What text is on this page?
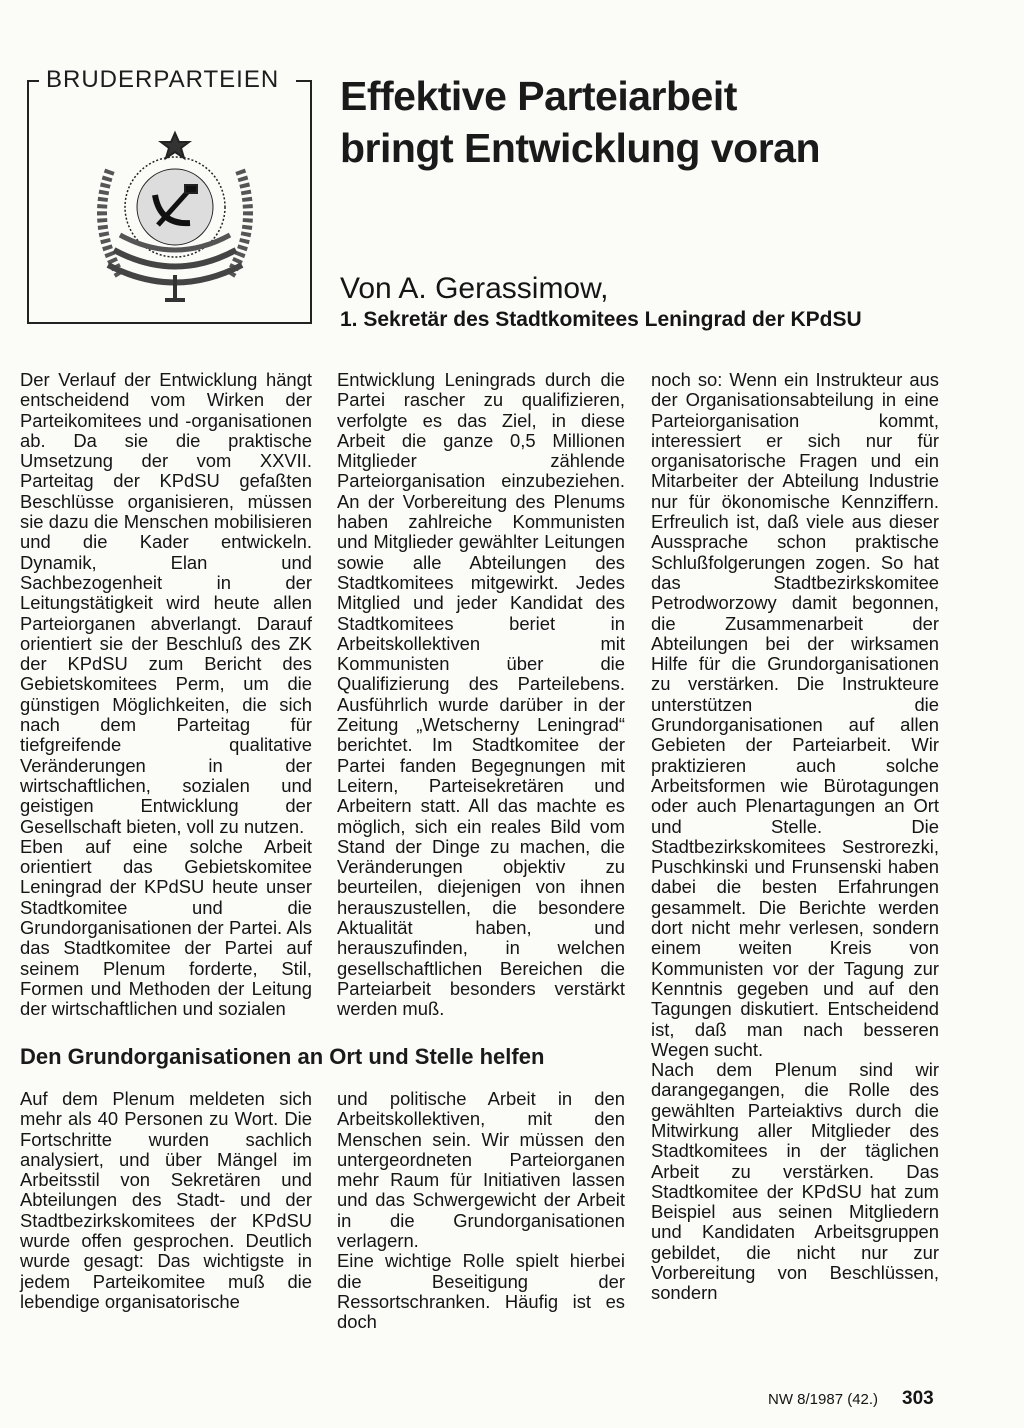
BRUDERPARTEIEN Effektive Parteiarbeit
bringt Entwicklung voran
Von A. Gerassimow,
1. Sekretär des Stadtkomitees Leningrad der KPdSU

Der Verlauf der Entwicklung hängt entscheidend vom Wirken der Parteikomitees und -organisationen ab. Da sie die praktische Umsetzung der vom XXVII. Parteitag der KPdSU gefaßten Beschlüsse organisieren, müssen sie dazu die Menschen mobilisieren und die Kader entwickeln. Dynamik, Elan und Sachbezogenheit in der Leitungstätigkeit wird heute allen Parteiorganen abverlangt. Darauf orientiert sie der Beschluß des ZK der KPdSU zum Bericht des Gebietskomitees Perm, um die günstigen Möglichkeiten, die sich nach dem Parteitag für tiefgreifende qualitative Veränderungen in der wirtschaftlichen, sozialen und geistigen Entwicklung der Gesellschaft bieten, voll zu nutzen.

Eben auf eine solche Arbeit orientiert das Gebietskomitee Leningrad der KPdSU heute unser Stadtkomitee und die Grundorganisationen der Partei. Als das Stadtkomitee der Partei auf seinem Plenum forderte, Stil, Formen und Methoden der Leitung der wirtschaftlichen und sozialen

Entwicklung Leningrads durch die Partei rascher zu qualifizieren, verfolgte es das Ziel, in diese Arbeit die ganze 0,5 Millionen Mitglieder zählende Parteiorganisation einzubeziehen. An der Vorbereitung des Plenums haben zahlreiche Kommunisten und Mitglieder gewählter Leitungen sowie alle Abteilungen des Stadtkomitees mitgewirkt. Jedes Mitglied und jeder Kandidat des Stadtkomitees beriet in Arbeitskollektiven mit Kommunisten über die Qualifizierung des Parteilebens. Ausführlich wurde darüber in der Zeitung „Wetscherny Leningrad“ berichtet. Im Stadtkomitee der Partei fanden Begegnungen mit Leitern, Parteisekretären und Arbeitern statt. All das machte es möglich, sich ein reales Bild vom Stand der Dinge zu machen, die Veränderungen objektiv zu beurteilen, diejenigen von ihnen herauszustellen, die besondere Aktualität haben, und herauszufinden, in welchen gesellschaftlichen Bereichen die Parteiarbeit besonders verstärkt werden muß.

noch so: Wenn ein Instrukteur aus der Organisationsabteilung in eine Parteiorganisation kommt, interessiert er sich nur für organisatorische Fragen und ein Mitarbeiter der Abteilung Industrie nur für ökonomische Kennziffern. Erfreulich ist, daß viele aus dieser Aussprache schon praktische Schlußfolgerungen zogen. So hat das Stadtbezirkskomitee Petrodworzowy damit begonnen, die Zusammenarbeit der Abteilungen bei der wirksamen Hilfe für die Grundorganisationen zu verstärken. Die Instrukteure unterstützen die Grundorganisationen auf allen Gebieten der Parteiarbeit. Wir praktizieren auch solche Arbeitsformen wie Bürotagungen oder auch Plenartagungen an Ort und Stelle. Die Stadtbezirkskomitees Sestrorezki, Puschkinski und Frunsenski haben dabei die besten Erfahrungen gesammelt. Die Berichte werden dort nicht mehr verlesen, sondern einem weiten Kreis von Kommunisten vor der Tagung zur Kenntnis gegeben und auf den Tagungen diskutiert. Entscheidend ist, daß man nach besseren Wegen sucht.

Nach dem Plenum sind wir darangegangen, die Rolle des gewählten Parteiaktivs durch die Mitwirkung aller Mitglieder des Stadtkomitees in der täglichen Arbeit zu verstärken. Das Stadtkomitee der KPdSU hat zum Beispiel aus seinen Mitgliedern und Kandidaten Arbeitsgruppen gebildet, die nicht nur zur Vorbereitung von Beschlüssen, sondern

Den Grundorganisationen an Ort und Stelle helfen

Auf dem Plenum meldeten sich mehr als 40 Personen zu Wort. Die Fortschritte wurden sachlich analysiert, und über Mängel im Arbeitsstil von Sekretären und Abteilungen des Stadt- und der Stadtbezirkskomitees der KPdSU wurde offen gesprochen. Deutlich wurde gesagt: Das wichtigste in jedem Parteikomitee muß die lebendige organisatorische

und politische Arbeit in den Arbeitskollektiven, mit den Menschen sein. Wir müssen den untergeordneten Parteiorganen mehr Raum für Initiativen lassen und das Schwergewicht der Arbeit in die Grundorganisationen verlagern.

Eine wichtige Rolle spielt hierbei die Beseitigung der Ressortschranken. Häufig ist es doch

NW 8/1987 (42.) 303
